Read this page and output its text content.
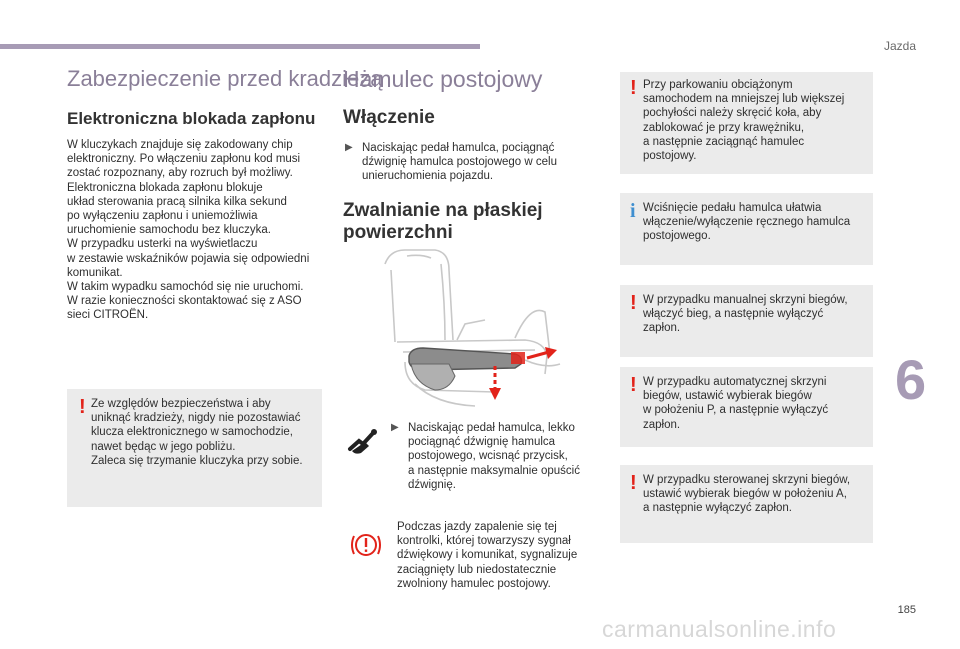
Jazda
6
185
carmanualsonline.info
Zabezpieczenie przed kradzieżą
Elektroniczna blokada zapłonu
W kluczykach znajduje się zakodowany chip
elektroniczny. Po włączeniu zapłonu kod musi
zostać rozpoznany, aby rozruch był możliwy.
Elektroniczna blokada zapłonu blokuje
układ sterowania pracą silnika kilka sekund
po wyłączeniu zapłonu i uniemożliwia
uruchomienie samochodu bez kluczyka.
W przypadku usterki na wyświetlaczu
w zestawie wskaźników pojawia się odpowiedni
komunikat.
W takim wypadku samochód się nie uruchomi.
W razie konieczności skontaktować się z ASO
sieci CITROËN.
! Ze względów bezpieczeństwa i aby
uniknąć kradzieży, nigdy nie pozostawiać
klucza elektronicznego w samochodzie,
nawet będąc w jego pobliżu.
Zaleca się trzymanie kluczyka przy sobie.
Hamulec postojowy
Włączenie
▶ Naciskając pedał hamulca, pociągnąć
dźwignię hamulca postojowego w celu
unieruchomienia pojazdu.
Zwalnianie na płaskiej
powierzchni
▶ Naciskając pedał hamulca, lekko
pociągnąć dźwignię hamulca
postojowego, wcisnąć przycisk,
a następnie maksymalnie opuścić
dźwignię.
Podczas jazdy zapalenie się tej
kontrolki, której towarzyszy sygnał
dźwiękowy i komunikat, sygnalizuje
zaciągnięty lub niedostatecznie
zwolniony hamulec postojowy.
! Przy parkowaniu obciążonym
samochodem na mniejszej lub większej
pochyłości należy skręcić koła, aby
zablokować je przy krawężniku,
a następnie zaciągnąć hamulec
postojowy.
i Wciśnięcie pedału hamulca ułatwia
włączenie/wyłączenie ręcznego hamulca
postojowego.
! W przypadku manualnej skrzyni biegów,
włączyć bieg, a następnie wyłączyć
zapłon.
! W przypadku automatycznej skrzyni
biegów, ustawić wybierak biegów
w położeniu P, a następnie wyłączyć
zapłon.
! W przypadku sterowanej skrzyni biegów,
ustawić wybierak biegów w położeniu A,
a następnie wyłączyć zapłon.
